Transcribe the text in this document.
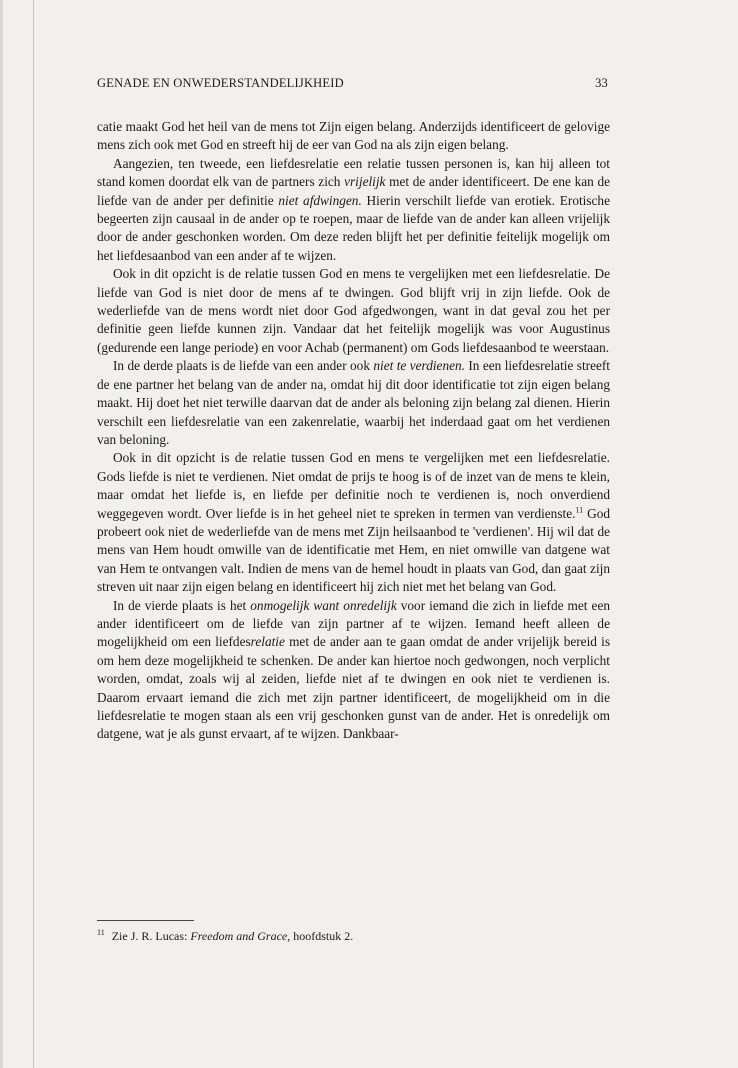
GENADE EN ONWEDERSTANDELIJKHEID	33

catie maakt God het heil van de mens tot Zijn eigen belang. Anderzijds identificeert de gelovige mens zich ook met God en streeft hij de eer van God na als zijn eigen belang.

Aangezien, ten tweede, een liefdesrelatie een relatie tussen personen is, kan hij alleen tot stand komen doordat elk van de partners zich vrijelijk met de ander identificeert. De ene kan de liefde van de ander per definitie niet afdwingen. Hierin verschilt liefde van erotiek. Erotische begeerten zijn causaal in de ander op te roepen, maar de liefde van de ander kan alleen vrijelijk door de ander geschonken worden. Om deze reden blijft het per definitie feitelijk mogelijk om het liefdesaanbod van een ander af te wijzen.

Ook in dit opzicht is de relatie tussen God en mens te vergelijken met een liefdesrelatie. De liefde van God is niet door de mens af te dwingen. God blijft vrij in zijn liefde. Ook de wederliefde van de mens wordt niet door God afgedwongen, want in dat geval zou het per definitie geen liefde kunnen zijn. Vandaar dat het feitelijk mogelijk was voor Augustinus (gedurende een lange periode) en voor Achab (permanent) om Gods liefdesaanbod te weerstaan.

In de derde plaats is de liefde van een ander ook niet te verdienen. In een liefdesrelatie streeft de ene partner het belang van de ander na, omdat hij dit door identificatie tot zijn eigen belang maakt. Hij doet het niet terwille daarvan dat de ander als beloning zijn belang zal dienen. Hierin verschilt een liefdesrelatie van een zakenrelatie, waarbij het inderdaad gaat om het verdienen van beloning.

Ook in dit opzicht is de relatie tussen God en mens te vergelijken met een liefdesrelatie. Gods liefde is niet te verdienen. Niet omdat de prijs te hoog is of de inzet van de mens te klein, maar omdat het liefde is, en liefde per definitie noch te verdienen is, noch onverdiend weggegeven wordt. Over liefde is in het geheel niet te spreken in termen van verdienste.$^{11}$ God probeert ook niet de wederliefde van de mens met Zijn heilsaanbod te 'verdienen'. Hij wil dat de mens van Hem houdt omwille van de identificatie met Hem, en niet omwille van datgene wat van Hem te ontvangen valt. Indien de mens van de hemel houdt in plaats van God, dan gaat zijn streven uit naar zijn eigen belang en identificeert hij zich niet met het belang van God.

In de vierde plaats is het onmogelijk want onredelijk voor iemand die zich in liefde met een ander identificeert om de liefde van zijn partner af te wijzen. Iemand heeft alleen de mogelijkheid om een liefdesrelatie met de ander aan te gaan omdat de ander vrijelijk bereid is om hem deze mogelijkheid te schenken. De ander kan hiertoe noch gedwongen, noch verplicht worden, omdat, zoals wij al zeiden, liefde niet af te dwingen en ook niet te verdienen is. Daarom ervaart iemand die zich met zijn partner identificeert, de mogelijkheid om in die liefdesrelatie te mogen staan als een vrij geschonken gunst van de ander. Het is onredelijk om datgene, wat je als gunst ervaart, af te wijzen. Dankbaar-

$^{11}$ Zie J. R. Lucas: Freedom and Grace, hoofdstuk 2.
